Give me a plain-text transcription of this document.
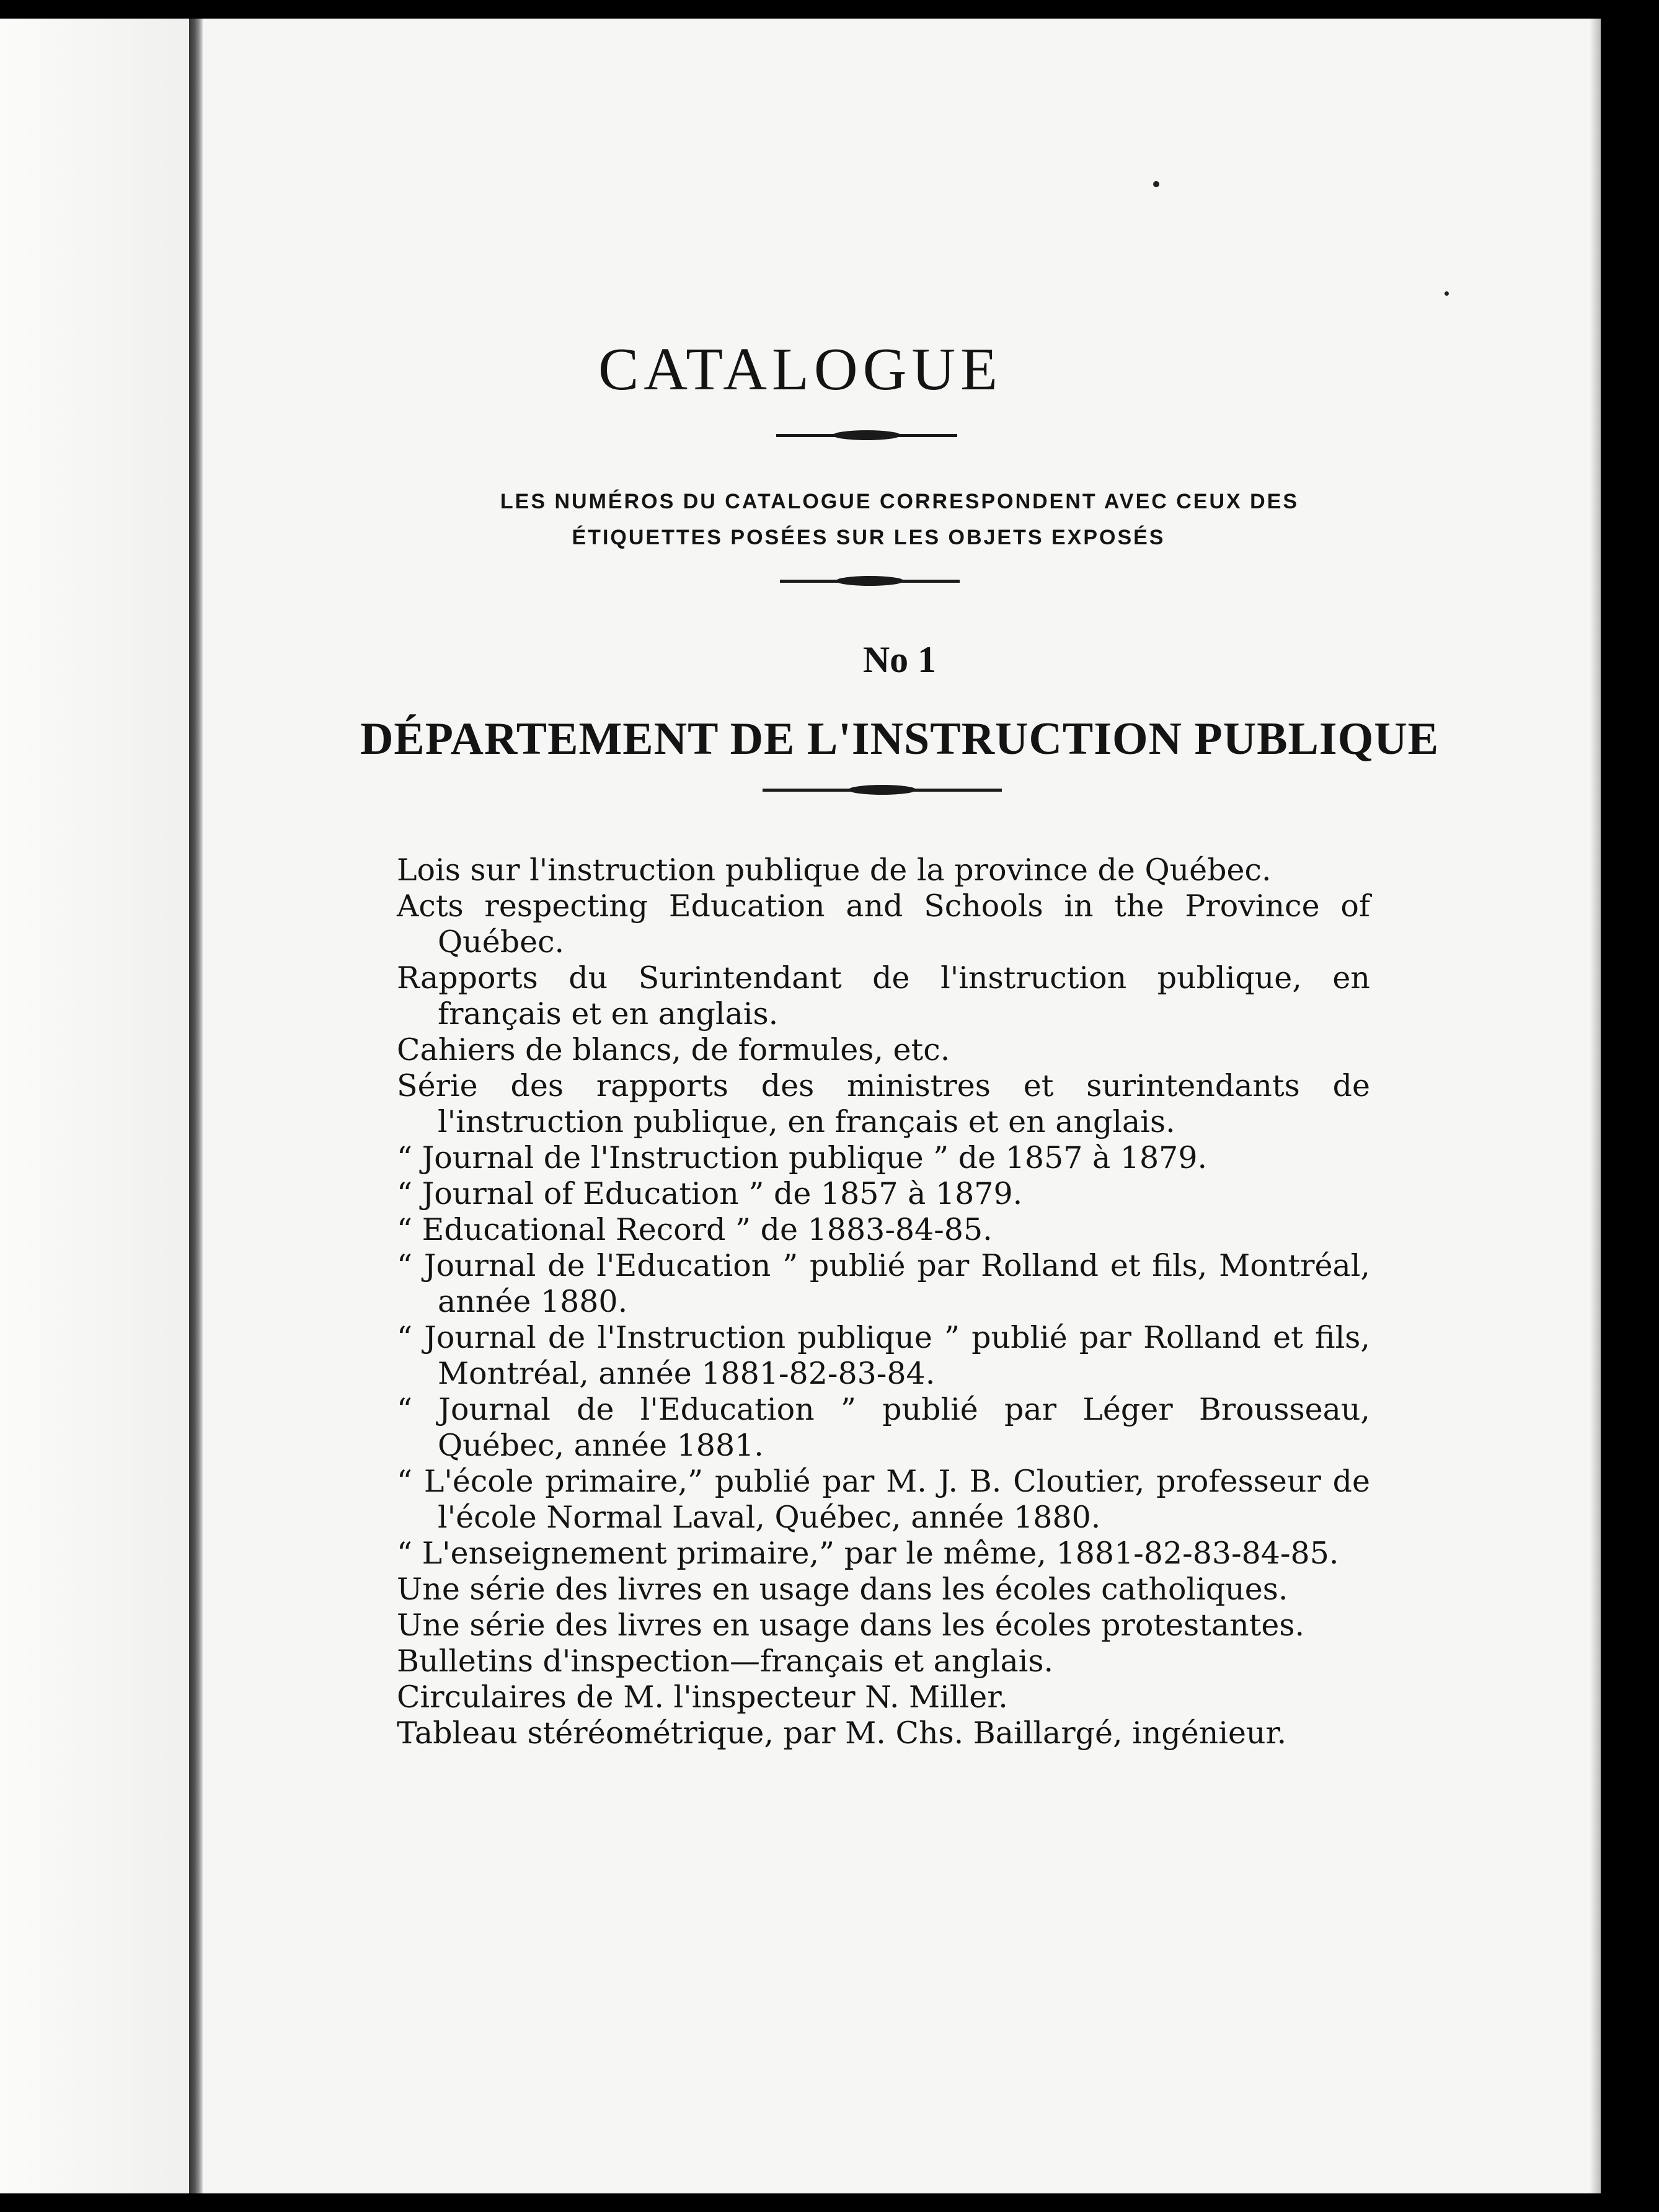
CATALOGUE
LES NUMÉROS DU CATALOGUE CORRESPONDENT AVEC CEUX DES
ÉTIQUETTES POSÉES SUR LES OBJETS EXPOSÉS
No 1
DÉPARTEMENT DE L'INSTRUCTION PUBLIQUE
Lois sur l'instruction publique de la province de Québec.
Acts respecting Education and Schools in the Province of Québec.
Rapports du Surintendant de l'instruction publique, en français et en anglais.
Cahiers de blancs, de formules, etc.
Série des rapports des ministres et surintendants de l'instruction publique, en français et en anglais.
“ Journal de l'Instruction publique ” de 1857 à 1879.
“ Journal of Education ” de 1857 à 1879.
“ Educational Record ” de 1883-84-85.
“ Journal de l'Education ” publié par Rolland et fils, Montréal, année 1880.
“ Journal de l'Instruction publique ” publié par Rolland et fils, Montréal, année 1881-82-83-84.
“ Journal de l'Education ” publié par Léger Brousseau, Québec, année 1881.
“ L'école primaire,” publié par M. J. B. Cloutier, professeur de l'école Normal Laval, Québec, année 1880.
“ L'enseignement primaire,” par le même, 1881-82-83-84-85.
Une série des livres en usage dans les écoles catholiques.
Une série des livres en usage dans les écoles protestantes.
Bulletins d'inspection—français et anglais.
Circulaires de M. l'inspecteur N. Miller.
Tableau stéréométrique, par M. Chs. Baillargé, ingénieur.
